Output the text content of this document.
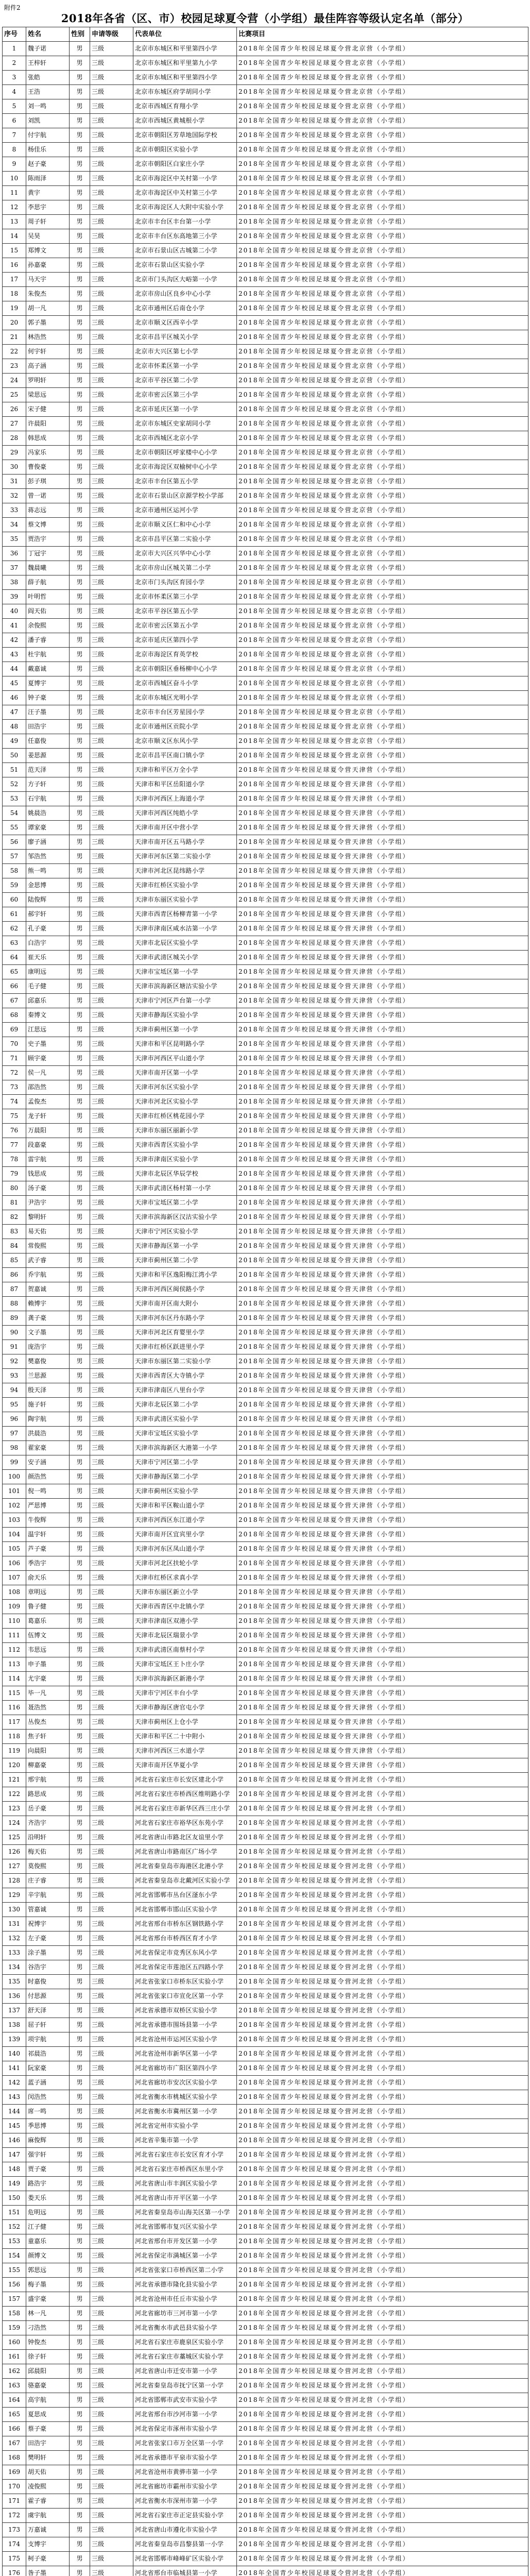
附件2
2018年各省（区、市）校园足球夏令营（小学组）最佳阵容等级认定名单（部分）
序号	姓名	性别	申请等级	代表单位	比赛项目
1	魏子诺	男	三级	北京市东城区和平里第四小学	2018年全国青少年校园足球夏令营北京营（小学组）
2	王梓轩	男	三级	北京市东城区和平里第九小学	2018年全国青少年校园足球夏令营北京营（小学组）
3	张皓	男	三级	北京市东城区和平里第四小学	2018年全国青少年校园足球夏令营北京营（小学组）
4	王浩	男	三级	北京市东城区府学胡同小学	2018年全国青少年校园足球夏令营北京营（小学组）
5	刘一鸣	男	三级	北京市西城区育翔小学	2018年全国青少年校园足球夏令营北京营（小学组）
6	刘凯	男	三级	北京市西城区黄城根小学	2018年全国青少年校园足球夏令营北京营（小学组）
7	付宇航	男	三级	北京市朝阳区芳草地国际学校	2018年全国青少年校园足球夏令营北京营（小学组）
8	杨佳乐	男	三级	北京市朝阳区实验小学	2018年全国青少年校园足球夏令营北京营（小学组）
9	赵子豪	男	三级	北京市朝阳区白家庄小学	2018年全国青少年校园足球夏令营北京营（小学组）
10	陈雨泽	男	三级	北京市海淀区中关村第一小学	2018年全国青少年校园足球夏令营北京营（小学组）
11	黄宇	男	三级	北京市海淀区中关村第三小学	2018年全国青少年校园足球夏令营北京营（小学组）
12	李思宇	男	三级	北京市海淀区人大附中实验小学	2018年全国青少年校园足球夏令营北京营（小学组）
13	周子轩	男	三级	北京市丰台区丰台第一小学	2018年全国青少年校园足球夏令营北京营（小学组）
14	吴昊	男	三级	北京市丰台区东高地第三小学	2018年全国青少年校园足球夏令营北京营（小学组）
15	郑博文	男	三级	北京市石景山区古城第二小学	2018年全国青少年校园足球夏令营北京营（小学组）
16	孙嘉豪	男	三级	北京市石景山区实验小学	2018年全国青少年校园足球夏令营北京营（小学组）
17	马天宇	男	三级	北京市门头沟区大峪第一小学	2018年全国青少年校园足球夏令营北京营（小学组）
18	朱俊杰	男	三级	北京市房山区良乡中心小学	2018年全国青少年校园足球夏令营北京营（小学组）
19	胡一凡	男	三级	北京市通州区后南仓小学	2018年全国青少年校园足球夏令营北京营（小学组）
20	郭子墨	男	三级	北京市顺义区西辛小学	2018年全国青少年校园足球夏令营北京营（小学组）
21	林浩然	男	三级	北京市昌平区城关小学	2018年全国青少年校园足球夏令营北京营（小学组）
22	何宇轩	男	三级	北京市大兴区第七小学	2018年全国青少年校园足球夏令营北京营（小学组）
23	高子涵	男	三级	北京市怀柔区第一小学	2018年全国青少年校园足球夏令营北京营（小学组）
24	罗明轩	男	三级	北京市平谷区第二小学	2018年全国青少年校园足球夏令营北京营（小学组）
25	梁思远	男	三级	北京市密云区第三小学	2018年全国青少年校园足球夏令营北京营（小学组）
26	宋子健	男	三级	北京市延庆区第一小学	2018年全国青少年校园足球夏令营北京营（小学组）
27	许晨阳	男	三级	北京市东城区史家胡同小学	2018年全国青少年校园足球夏令营北京营（小学组）
28	韩思成	男	三级	北京市西城区北京小学	2018年全国青少年校园足球夏令营北京营（小学组）
29	冯家乐	男	三级	北京市朝阳区呼家楼中心小学	2018年全国青少年校园足球夏令营北京营（小学组）
30	曹俊豪	男	三级	北京市海淀区双榆树中心小学	2018年全国青少年校园足球夏令营北京营（小学组）
31	彭子琪	男	三级	北京市丰台区第五小学	2018年全国青少年校园足球夏令营北京营（小学组）
32	曾一诺	男	三级	北京市石景山区京源学校小学部	2018年全国青少年校园足球夏令营北京营（小学组）
33	蒋志远	男	三级	北京市通州区运河小学	2018年全国青少年校园足球夏令营北京营（小学组）
34	蔡文博	男	三级	北京市顺义区仁和中心小学	2018年全国青少年校园足球夏令营北京营（小学组）
35	贾浩宇	男	三级	北京市昌平区第二实验小学	2018年全国青少年校园足球夏令营北京营（小学组）
36	丁冠宇	男	三级	北京市大兴区兴华中心小学	2018年全国青少年校园足球夏令营北京营（小学组）
37	魏晨曦	男	三级	北京市房山区城关第二小学	2018年全国青少年校园足球夏令营北京营（小学组）
38	薛子航	男	三级	北京市门头沟区育园小学	2018年全国青少年校园足球夏令营北京营（小学组）
39	叶明哲	男	三级	北京市怀柔区第三小学	2018年全国青少年校园足球夏令营北京营（小学组）
40	阎天佑	男	三级	北京市平谷区第五小学	2018年全国青少年校园足球夏令营北京营（小学组）
41	余俊熙	男	三级	北京市密云区第五小学	2018年全国青少年校园足球夏令营北京营（小学组）
42	潘子睿	男	三级	北京市延庆区第四小学	2018年全国青少年校园足球夏令营北京营（小学组）
43	杜宇航	男	三级	北京市海淀区育英学校	2018年全国青少年校园足球夏令营北京营（小学组）
44	戴嘉诚	男	三级	北京市朝阳区垂杨柳中心小学	2018年全国青少年校园足球夏令营北京营（小学组）
45	夏博宇	男	三级	北京市西城区奋斗小学	2018年全国青少年校园足球夏令营北京营（小学组）
46	钟子豪	男	三级	北京市东城区光明小学	2018年全国青少年校园足球夏令营北京营（小学组）
47	汪子墨	男	三级	北京市丰台区芳星园小学	2018年全国青少年校园足球夏令营北京营（小学组）
48	田浩宇	男	三级	北京市通州区贡院小学	2018年全国青少年校园足球夏令营北京营（小学组）
49	任嘉俊	男	三级	北京市顺义区东风小学	2018年全国青少年校园足球夏令营北京营（小学组）
50	姜思源	男	三级	北京市昌平区南口镇小学	2018年全国青少年校园足球夏令营北京营（小学组）
51	范天泽	男	三级	天津市和平区万全小学	2018年全国青少年校园足球夏令营天津营（小学组）
52	方子轩	男	三级	天津市和平区岳阳道小学	2018年全国青少年校园足球夏令营天津营（小学组）
53	石宇航	男	三级	天津市河西区上海道小学	2018年全国青少年校园足球夏令营天津营（小学组）
54	姚晨浩	男	三级	天津市河西区纯皓小学	2018年全国青少年校园足球夏令营天津营（小学组）
55	谭家豪	男	三级	天津市南开区中营小学	2018年全国青少年校园足球夏令营天津营（小学组）
56	廖子涵	男	三级	天津市南开区五马路小学	2018年全国青少年校园足球夏令营天津营（小学组）
57	邹浩然	男	三级	天津市河东区第二实验小学	2018年全国青少年校园足球夏令营天津营（小学组）
58	熊一鸣	男	三级	天津市河北区昆纬路小学	2018年全国青少年校园足球夏令营天津营（小学组）
59	金思博	男	三级	天津市红桥区实验小学	2018年全国青少年校园足球夏令营天津营（小学组）
60	陆俊辉	男	三级	天津市东丽区实验小学	2018年全国青少年校园足球夏令营天津营（小学组）
61	郝宇轩	男	三级	天津市西青区杨柳青第一小学	2018年全国青少年校园足球夏令营天津营（小学组）
62	孔子豪	男	三级	天津市津南区咸水沽第一小学	2018年全国青少年校园足球夏令营天津营（小学组）
63	白浩宇	男	三级	天津市北辰区实验小学	2018年全国青少年校园足球夏令营天津营（小学组）
64	崔天乐	男	三级	天津市武清区城关小学	2018年全国青少年校园足球夏令营天津营（小学组）
65	康明远	男	三级	天津市宝坻区第一小学	2018年全国青少年校园足球夏令营天津营（小学组）
66	毛子健	男	三级	天津市滨海新区塘沽实验小学	2018年全国青少年校园足球夏令营天津营（小学组）
67	邱嘉乐	男	三级	天津市宁河区芦台第一小学	2018年全国青少年校园足球夏令营天津营（小学组）
68	秦博文	男	三级	天津市静海区实验小学	2018年全国青少年校园足球夏令营天津营（小学组）
69	江思远	男	三级	天津市蓟州区第一小学	2018年全国青少年校园足球夏令营天津营（小学组）
70	史子墨	男	三级	天津市和平区昆明路小学	2018年全国青少年校园足球夏令营天津营（小学组）
71	顾宇豪	男	三级	天津市河西区平山道小学	2018年全国青少年校园足球夏令营天津营（小学组）
72	侯一凡	男	三级	天津市南开区第一小学	2018年全国青少年校园足球夏令营天津营（小学组）
73	邵浩然	男	三级	天津市河东区实验小学	2018年全国青少年校园足球夏令营天津营（小学组）
74	孟俊杰	男	三级	天津市河北区实验小学	2018年全国青少年校园足球夏令营天津营（小学组）
75	龙子轩	男	三级	天津市红桥区桃花园小学	2018年全国青少年校园足球夏令营天津营（小学组）
76	万晨阳	男	三级	天津市东丽区丽新小学	2018年全国青少年校园足球夏令营天津营（小学组）
77	段嘉豪	男	三级	天津市西青区实验小学	2018年全国青少年校园足球夏令营天津营（小学组）
78	雷宇航	男	三级	天津市津南区实验小学	2018年全国青少年校园足球夏令营天津营（小学组）
79	钱思成	男	三级	天津市北辰区华辰学校	2018年全国青少年校园足球夏令营天津营（小学组）
80	汤子豪	男	三级	天津市武清区杨村第一小学	2018年全国青少年校园足球夏令营天津营（小学组）
81	尹浩宇	男	三级	天津市宝坻区第二小学	2018年全国青少年校园足球夏令营天津营（小学组）
82	黎明轩	男	三级	天津市滨海新区汉沽实验小学	2018年全国青少年校园足球夏令营天津营（小学组）
83	易天佑	男	三级	天津市宁河区实验小学	2018年全国青少年校园足球夏令营天津营（小学组）
84	常俊熙	男	三级	天津市静海区第一小学	2018年全国青少年校园足球夏令营天津营（小学组）
85	武子睿	男	三级	天津市蓟州区第二小学	2018年全国青少年校园足球夏令营天津营（小学组）
86	乔宇航	男	三级	天津市和平区逸阳梅江湾小学	2018年全国青少年校园足球夏令营天津营（小学组）
87	贺嘉诚	男	三级	天津市河西区闽侯路小学	2018年全国青少年校园足球夏令营天津营（小学组）
88	赖博宇	男	三级	天津市南开区南大附小	2018年全国青少年校园足球夏令营天津营（小学组）
89	龚子豪	男	三级	天津市河东区丹东路小学	2018年全国青少年校园足球夏令营天津营（小学组）
90	文子墨	男	三级	天津市河北区育婴里小学	2018年全国青少年校园足球夏令营天津营（小学组）
91	庞浩宇	男	三级	天津市红桥区跃进里小学	2018年全国青少年校园足球夏令营天津营（小学组）
92	樊嘉俊	男	三级	天津市东丽区第二实验小学	2018年全国青少年校园足球夏令营天津营（小学组）
93	兰思源	男	三级	天津市西青区大寺镇小学	2018年全国青少年校园足球夏令营天津营（小学组）
94	殷天泽	男	三级	天津市津南区八里台小学	2018年全国青少年校园足球夏令营天津营（小学组）
95	施子轩	男	三级	天津市北辰区第二小学	2018年全国青少年校园足球夏令营天津营（小学组）
96	陶宇航	男	三级	天津市武清区实验小学	2018年全国青少年校园足球夏令营天津营（小学组）
97	洪晨浩	男	三级	天津市宝坻区实验小学	2018年全国青少年校园足球夏令营天津营（小学组）
98	翟家豪	男	三级	天津市滨海新区大港第一小学	2018年全国青少年校园足球夏令营天津营（小学组）
99	安子涵	男	三级	天津市宁河区第二小学	2018年全国青少年校园足球夏令营天津营（小学组）
100	颜浩然	男	三级	天津市静海区第二小学	2018年全国青少年校园足球夏令营天津营（小学组）
101	倪一鸣	男	三级	天津市蓟州区实验小学	2018年全国青少年校园足球夏令营天津营（小学组）
102	严思博	男	三级	天津市和平区鞍山道小学	2018年全国青少年校园足球夏令营天津营（小学组）
103	牛俊辉	男	三级	天津市河西区东江道小学	2018年全国青少年校园足球夏令营天津营（小学组）
104	温宇轩	男	三级	天津市南开区宜宾里小学	2018年全国青少年校园足球夏令营天津营（小学组）
105	芦子豪	男	三级	天津市河东区凤山道小学	2018年全国青少年校园足球夏令营天津营（小学组）
106	季浩宇	男	三级	天津市河北区扶轮小学	2018年全国青少年校园足球夏令营天津营（小学组）
107	俞天乐	男	三级	天津市红桥区求真小学	2018年全国青少年校园足球夏令营天津营（小学组）
108	章明远	男	三级	天津市东丽区新立小学	2018年全国青少年校园足球夏令营天津营（小学组）
109	鲁子健	男	三级	天津市西青区中北镇小学	2018年全国青少年校园足球夏令营天津营（小学组）
110	葛嘉乐	男	三级	天津市津南区双港小学	2018年全国青少年校园足球夏令营天津营（小学组）
111	伍博文	男	三级	天津市北辰区瑞景小学	2018年全国青少年校园足球夏令营天津营（小学组）
112	韦思远	男	三级	天津市武清区南蔡村小学	2018年全国青少年校园足球夏令营天津营（小学组）
113	申子墨	男	三级	天津市宝坻区王卜庄小学	2018年全国青少年校园足球夏令营天津营（小学组）
114	尤宇豪	男	三级	天津市滨海新区新港小学	2018年全国青少年校园足球夏令营天津营（小学组）
115	毕一凡	男	三级	天津市宁河区丰台小学	2018年全国青少年校园足球夏令营天津营（小学组）
116	聂浩然	男	三级	天津市静海区唐官屯小学	2018年全国青少年校园足球夏令营天津营（小学组）
117	丛俊杰	男	三级	天津市蓟州区上仓小学	2018年全国青少年校园足球夏令营天津营（小学组）
118	焦子轩	男	三级	天津市和平区二十中附小	2018年全国青少年校园足球夏令营天津营（小学组）
119	向晨阳	男	三级	天津市河西区三水道小学	2018年全国青少年校园足球夏令营天津营（小学组）
120	柳嘉豪	男	三级	天津市南开区华夏小学	2018年全国青少年校园足球夏令营天津营（小学组）
121	邢宇航	男	三级	河北省石家庄市长安区建北小学	2018年全国青少年校园足球夏令营河北营（小学组）
122	路思成	男	三级	河北省石家庄市桥西区维明路小学	2018年全国青少年校园足球夏令营河北营（小学组）
123	岳子豪	男	三级	河北省石家庄市新华区西三庄小学	2018年全国青少年校园足球夏令营河北营（小学组）
124	齐浩宇	男	三级	河北省石家庄市裕华区东苑小学	2018年全国青少年校园足球夏令营河北营（小学组）
125	沿明轩	男	三级	河北省唐山市路北区友谊里小学	2018年全国青少年校园足球夏令营河北营（小学组）
126	梅天佑	男	三级	河北省唐山市路南区广场小学	2018年全国青少年校园足球夏令营河北营（小学组）
127	莫俊熙	男	三级	河北省秦皇岛市海港区北港小学	2018年全国青少年校园足球夏令营河北营（小学组）
128	庄子睿	男	三级	河北省秦皇岛市北戴河区实验小学	2018年全国青少年校园足球夏令营河北营（小学组）
129	辛宇航	男	三级	河北省邯郸市丛台区滏东小学	2018年全国青少年校园足球夏令营河北营（小学组）
130	管嘉诚	男	三级	河北省邯郸市邯山区实验小学	2018年全国青少年校园足球夏令营河北营（小学组）
131	祝博宇	男	三级	河北省邢台市桥东区钢铁路小学	2018年全国青少年校园足球夏令营河北营（小学组）
132	左子豪	男	三级	河北省邢台市桥西区育才小学	2018年全国青少年校园足球夏令营河北营（小学组）
133	涂子墨	男	三级	河北省保定市竞秀区东风小学	2018年全国青少年校园足球夏令营河北营（小学组）
134	谷浩宇	男	三级	河北省保定市莲池区五四路小学	2018年全国青少年校园足球夏令营河北营（小学组）
135	时嘉俊	男	三级	河北省张家口市桥东区实验小学	2018年全国青少年校园足球夏令营河北营（小学组）
136	付思源	男	三级	河北省张家口市宣化区第一小学	2018年全国青少年校园足球夏令营河北营（小学组）
137	舒天泽	男	三级	河北省承德市双桥区实验小学	2018年全国青少年校园足球夏令营河北营（小学组）
138	屈子轩	男	三级	河北省承德市围场县第一小学	2018年全国青少年校园足球夏令营河北营（小学组）
139	项宇航	男	三级	河北省沧州市运河区实验小学	2018年全国青少年校园足球夏令营河北营（小学组）
140	祁晨浩	男	三级	河北省沧州市新华区第一小学	2018年全国青少年校园足球夏令营河北营（小学组）
141	阮家豪	男	三级	河北省廊坊市广阳区第四小学	2018年全国青少年校园足球夏令营河北营（小学组）
142	蓝子涵	男	三级	河北省廊坊市安次区实验小学	2018年全国青少年校园足球夏令营河北营（小学组）
143	闵浩然	男	三级	河北省衡水市桃城区实验小学	2018年全国青少年校园足球夏令营河北营（小学组）
144	席一鸣	男	三级	河北省衡水市冀州区第一小学	2018年全国青少年校园足球夏令营河北营（小学组）
145	季思博	男	三级	河北省定州市实验小学	2018年全国青少年校园足球夏令营河北营（小学组）
146	麻俊辉	男	三级	河北省辛集市第一小学	2018年全国青少年校园足球夏令营河北营（小学组）
147	强宇轩	男	三级	河北省石家庄市长安区育才小学	2018年全国青少年校园足球夏令营河北营（小学组）
148	贾子豪	男	三级	河北省石家庄市桥西区东里小学	2018年全国青少年校园足球夏令营河北营（小学组）
149	路浩宇	男	三级	河北省唐山市丰润区实验小学	2018年全国青少年校园足球夏令营河北营（小学组）
150	娄天乐	男	三级	河北省唐山市开平区第一小学	2018年全国青少年校园足球夏令营河北营（小学组）
151	危明远	男	三级	河北省秦皇岛市山海关区第一小学	2018年全国青少年校园足球夏令营河北营（小学组）
152	江子健	男	三级	河北省邯郸市复兴区实验小学	2018年全国青少年校园足球夏令营河北营（小学组）
153	童嘉乐	男	三级	河北省邢台市开发区第一小学	2018年全国青少年校园足球夏令营河北营（小学组）
154	颜博文	男	三级	河北省保定市满城区第一小学	2018年全国青少年校园足球夏令营河北营（小学组）
155	郭思远	男	三级	河北省张家口市桥西区第二小学	2018年全国青少年校园足球夏令营河北营（小学组）
156	梅子墨	男	三级	河北省承德市隆化县实验小学	2018年全国青少年校园足球夏令营河北营（小学组）
157	盛宇豪	男	三级	河北省沧州市任丘市实验小学	2018年全国青少年校园足球夏令营河北营（小学组）
158	林一凡	男	三级	河北省廊坊市三河市第一小学	2018年全国青少年校园足球夏令营河北营（小学组）
159	刁浩然	男	三级	河北省衡水市武邑县实验小学	2018年全国青少年校园足球夏令营河北营（小学组）
160	钟俊杰	男	三级	河北省石家庄市鹿泉区实验小学	2018年全国青少年校园足球夏令营河北营（小学组）
161	徐子轩	男	三级	河北省石家庄市藁城区实验小学	2018年全国青少年校园足球夏令营河北营（小学组）
162	邱晨阳	男	三级	河北省唐山市迁安市第一小学	2018年全国青少年校园足球夏令营河北营（小学组）
163	骆嘉豪	男	三级	河北省秦皇岛市抚宁区第一小学	2018年全国青少年校园足球夏令营河北营（小学组）
164	高宇航	男	三级	河北省邯郸市武安市实验小学	2018年全国青少年校园足球夏令营河北营（小学组）
165	夏思成	男	三级	河北省邢台市沙河市第一小学	2018年全国青少年校园足球夏令营河北营（小学组）
166	蔡子豪	男	三级	河北省保定市涿州市实验小学	2018年全国青少年校园足球夏令营河北营（小学组）
167	田浩宇	男	三级	河北省张家口市万全区第一小学	2018年全国青少年校园足球夏令营河北营（小学组）
168	樊明轩	男	三级	河北省承德市平泉市实验小学	2018年全国青少年校园足球夏令营河北营（小学组）
169	胡天佑	男	三级	河北省沧州市黄骅市第一小学	2018年全国青少年校园足球夏令营河北营（小学组）
170	凌俊熙	男	三级	河北省廊坊市霸州市实验小学	2018年全国青少年校园足球夏令营河北营（小学组）
171	霍子睿	男	三级	河北省衡水市深州市第一小学	2018年全国青少年校园足球夏令营河北营（小学组）
172	虞宇航	男	三级	河北省石家庄市正定县实验小学	2018年全国青少年校园足球夏令营河北营（小学组）
173	万嘉诚	男	三级	河北省唐山市遵化市实验小学	2018年全国青少年校园足球夏令营河北营（小学组）
174	支博宇	男	三级	河北省秦皇岛市昌黎县第一小学	2018年全国青少年校园足球夏令营河北营（小学组）
175	柯子豪	男	三级	河北省邯郸市峰峰矿区实验小学	2018年全国青少年校园足球夏令营河北营（小学组）
176	昝子墨	男	三级	河北省邢台市临城县第一小学	2018年全国青少年校园足球夏令营河北营（小学组）
